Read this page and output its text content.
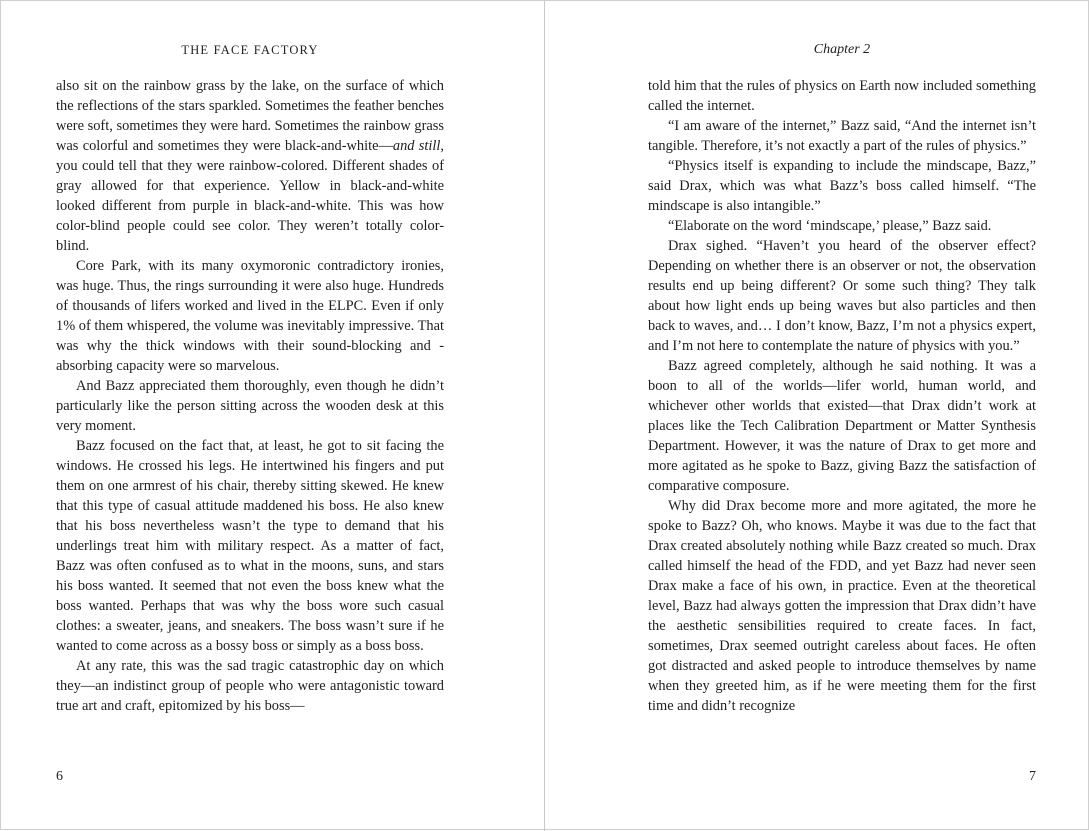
THE FACE FACTORY

also sit on the rainbow grass by the lake, on the surface of which the reflections of the stars sparkled. Sometimes the feather benches were soft, sometimes they were hard. Sometimes the rainbow grass was colorful and sometimes they were black-and-white—and still, you could tell that they were rainbow-colored. Different shades of gray allowed for that experience. Yellow in black-and-white looked different from purple in black-and-white. This was how color-blind people could see color. They weren’t totally color-blind.

Core Park, with its many oxymoronic contradictory ironies, was huge. Thus, the rings surrounding it were also huge. Hundreds of thousands of lifers worked and lived in the ELPC. Even if only 1% of them whispered, the volume was inevitably impressive. That was why the thick windows with their sound-blocking and -absorbing capacity were so marvelous.

And Bazz appreciated them thoroughly, even though he didn’t particularly like the person sitting across the wooden desk at this very moment.

Bazz focused on the fact that, at least, he got to sit facing the windows. He crossed his legs. He intertwined his fingers and put them on one armrest of his chair, thereby sitting skewed. He knew that this type of casual attitude maddened his boss. He also knew that his boss nevertheless wasn’t the type to demand that his underlings treat him with military respect. As a matter of fact, Bazz was often confused as to what in the moons, suns, and stars his boss wanted. It seemed that not even the boss knew what the boss wanted. Perhaps that was why the boss wore such casual clothes: a sweater, jeans, and sneakers. The boss wasn’t sure if he wanted to come across as a bossy boss or simply as a boss boss.

At any rate, this was the sad tragic catastrophic day on which they—an indistinct group of people who were antagonistic toward true art and craft, epitomized by his boss—

6
Chapter 2

told him that the rules of physics on Earth now included something called the internet.

“I am aware of the internet,” Bazz said, “And the internet isn’t tangible. Therefore, it’s not exactly a part of the rules of physics.”

“Physics itself is expanding to include the mindscape, Bazz,” said Drax, which was what Bazz’s boss called himself. “The mindscape is also intangible.”

“Elaborate on the word ‘mindscape,’ please,” Bazz said.

Drax sighed. “Haven’t you heard of the observer effect? Depending on whether there is an observer or not, the observation results end up being different? Or some such thing? They talk about how light ends up being waves but also particles and then back to waves, and… I don’t know, Bazz, I’m not a physics expert, and I’m not here to contemplate the nature of physics with you.”

Bazz agreed completely, although he said nothing. It was a boon to all of the worlds—lifer world, human world, and whichever other worlds that existed—that Drax didn’t work at places like the Tech Calibration Department or Matter Synthesis Department. However, it was the nature of Drax to get more and more agitated as he spoke to Bazz, giving Bazz the satisfaction of comparative composure.

Why did Drax become more and more agitated, the more he spoke to Bazz? Oh, who knows. Maybe it was due to the fact that Drax created absolutely nothing while Bazz created so much. Drax called himself the head of the FDD, and yet Bazz had never seen Drax make a face of his own, in practice. Even at the theoretical level, Bazz had always gotten the impression that Drax didn’t have the aesthetic sensibilities required to create faces. In fact, sometimes, Drax seemed outright careless about faces. He often got distracted and asked people to introduce themselves by name when they greeted him, as if he were meeting them for the first time and didn’t recognize

7
